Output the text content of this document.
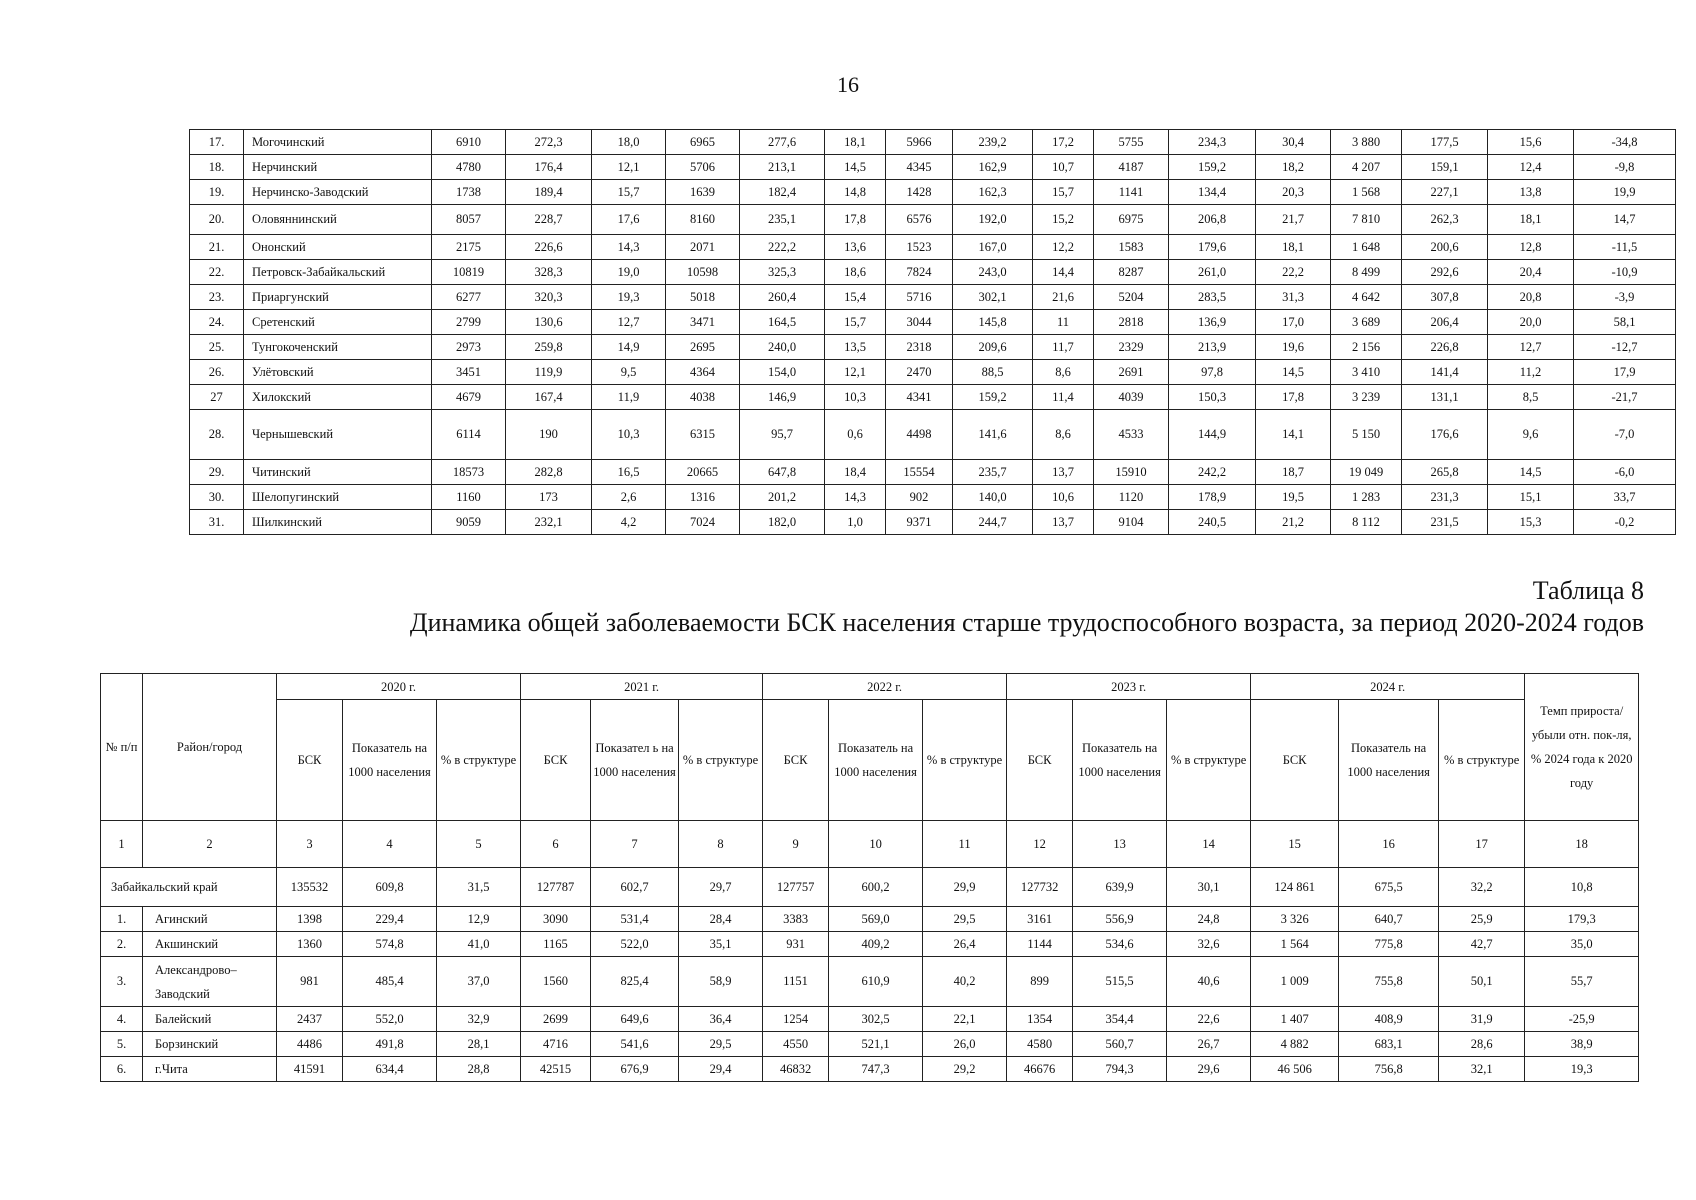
16
17.	Могочинский	6910	272,3	18,0	6965	277,6	18,1	5966	239,2	17,2	5755	234,3	30,4	3 880	177,5	15,6	-34,8
18.	Нерчинский	4780	176,4	12,1	5706	213,1	14,5	4345	162,9	10,7	4187	159,2	18,2	4 207	159,1	12,4	-9,8
19.	Нерчинско-Заводский	1738	189,4	15,7	1639	182,4	14,8	1428	162,3	15,7	1141	134,4	20,3	1 568	227,1	13,8	19,9
20.	Оловяннинский	8057	228,7	17,6	8160	235,1	17,8	6576	192,0	15,2	6975	206,8	21,7	7 810	262,3	18,1	14,7
21.	Ононский	2175	226,6	14,3	2071	222,2	13,6	1523	167,0	12,2	1583	179,6	18,1	1 648	200,6	12,8	-11,5
22.	Петровск-Забайкальский	10819	328,3	19,0	10598	325,3	18,6	7824	243,0	14,4	8287	261,0	22,2	8 499	292,6	20,4	-10,9
23.	Приаргунский	6277	320,3	19,3	5018	260,4	15,4	5716	302,1	21,6	5204	283,5	31,3	4 642	307,8	20,8	-3,9
24.	Сретенский	2799	130,6	12,7	3471	164,5	15,7	3044	145,8	11	2818	136,9	17,0	3 689	206,4	20,0	58,1
25.	Тунгокоченский	2973	259,8	14,9	2695	240,0	13,5	2318	209,6	11,7	2329	213,9	19,6	2 156	226,8	12,7	-12,7
26.	Улётовский	3451	119,9	9,5	4364	154,0	12,1	2470	88,5	8,6	2691	97,8	14,5	3 410	141,4	11,2	17,9
27	Хилокский	4679	167,4	11,9	4038	146,9	10,3	4341	159,2	11,4	4039	150,3	17,8	3 239	131,1	8,5	-21,7
28.	Чернышевский	6114	190	10,3	6315	95,7	0,6	4498	141,6	8,6	4533	144,9	14,1	5 150	176,6	9,6	-7,0
29.	Читинский	18573	282,8	16,5	20665	647,8	18,4	15554	235,7	13,7	15910	242,2	18,7	19 049	265,8	14,5	-6,0
30.	Шелопугинский	1160	173	2,6	1316	201,2	14,3	902	140,0	10,6	1120	178,9	19,5	1 283	231,3	15,1	33,7
31.	Шилкинский	9059	232,1	4,2	7024	182,0	1,0	9371	244,7	13,7	9104	240,5	21,2	8 112	231,5	15,3	-0,2
Таблица 8
Динамика общей заболеваемости БСК населения старше трудоспособного возраста, за период 2020-2024 годов
№ п/п	Район/город	2020 г.			2021 г.			2022 г.			2023 г.			2024 г.			Темп прироста/ убыли отн. пок-ля, % 2024 года к 2020 году
		БСК	Показатель на 1000 населения	% в структуре	БСК	Показател ь на 1000 населения	% в структуре	БСК	Показатель на 1000 населения	% в структуре	БСК	Показатель на 1000 населения	% в структуре	БСК	Показатель на 1000 населения	% в структуре	
1	2	3	4	5	6	7	8	9	10	11	12	13	14	15	16	17	18
Забайкальский край		135532	609,8	31,5	127787	602,7	29,7	127757	600,2	29,9	127732	639,9	30,1	124 861	675,5	32,2	10,8
1.	Агинский	1398	229,4	12,9	3090	531,4	28,4	3383	569,0	29,5	3161	556,9	24,8	3 326	640,7	25,9	179,3
2.	Акшинский	1360	574,8	41,0	1165	522,0	35,1	931	409,2	26,4	1144	534,6	32,6	1 564	775,8	42,7	35,0
3.	Александрово–Заводский	981	485,4	37,0	1560	825,4	58,9	1151	610,9	40,2	899	515,5	40,6	1 009	755,8	50,1	55,7
4.	Балейский	2437	552,0	32,9	2699	649,6	36,4	1254	302,5	22,1	1354	354,4	22,6	1 407	408,9	31,9	-25,9
5.	Борзинский	4486	491,8	28,1	4716	541,6	29,5	4550	521,1	26,0	4580	560,7	26,7	4 882	683,1	28,6	38,9
6.	г.Чита	41591	634,4	28,8	42515	676,9	29,4	46832	747,3	29,2	46676	794,3	29,6	46 506	756,8	32,1	19,3
